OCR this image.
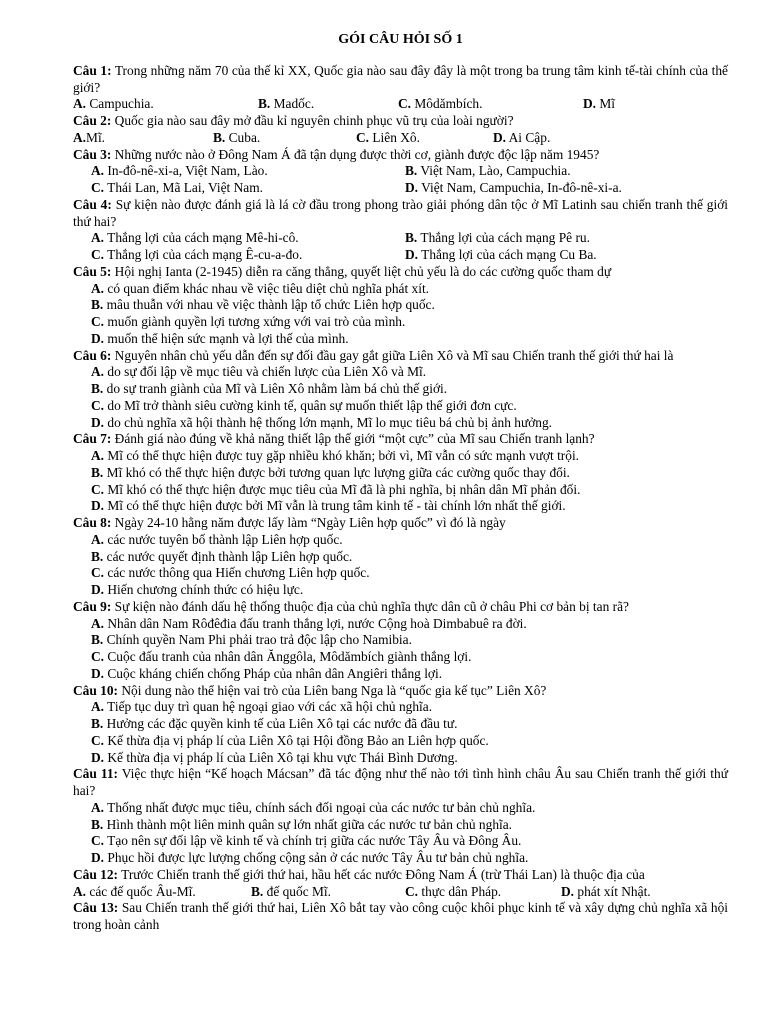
GÓI CÂU HỎI SỐ 1

Câu 1: Trong những năm 70 của thế kỉ XX, Quốc gia nào sau đây đây là một trong ba trung tâm kinh tế-tài chính của thế giới?

A. Campuchia.	B. Madốc.	C. Môdămbích.	D. Mĩ

Câu 2: Quốc gia nào sau đây mở đầu kỉ nguyên chinh phục vũ trụ của loài người?

A.Mĩ.	B. Cuba.	C. Liên Xô.	D. Ai Cập.

Câu 3: Những nước nào ở Đông Nam Á đã tận dụng được thời cơ, giành được độc lập năm 1945?

A. In-đô-nê-xi-a, Việt Nam, Lào.	B. Việt Nam, Lào, Campuchia.
C. Thái Lan, Mã Lai, Việt Nam.	D. Việt Nam, Campuchia, In-đô-nê-xi-a.

Câu 4: Sự kiện nào được đánh giá là lá cờ đầu trong phong trào giải phóng dân tộc ở Mĩ Latinh sau chiến tranh thế giới thứ hai?

A. Thắng lợi của cách mạng Mê-hi-cô.	B. Thắng lợi của cách mạng Pê ru.
C. Thắng lợi của cách mạng Ê-cu-a-đo.	D. Thắng lợi của cách mạng Cu Ba.

Câu 5: Hội nghị Ianta (2-1945) diễn ra căng thẳng, quyết liệt chủ yếu là do các cường quốc tham dự

A. có quan điểm khác nhau về việc tiêu diệt chủ nghĩa phát xít.

B. mâu thuẫn với nhau về việc thành lập tổ chức Liên hợp quốc.

C. muốn giành quyền lợi tương xứng với vai trò của mình.

D. muốn thể hiện sức mạnh và lợi thế của mình.

Câu 6: Nguyên nhân chủ yếu dẫn đến sự đối đầu gay gắt giữa Liên Xô và Mĩ sau Chiến tranh thế giới thứ hai là

A. do sự đối lập về mục tiêu và chiến lược của Liên Xô và Mĩ.

B. do sự tranh giành của Mĩ và Liên Xô nhằm làm bá chủ thế giới.

C. do Mĩ trở thành siêu cường kinh tế, quân sự muốn thiết lập thế giới đơn cực.

D. do chủ nghĩa xã hội thành hệ thống lớn mạnh, Mĩ lo mục tiêu bá chủ bị ảnh hưởng.

Câu 7: Đánh giá nào đúng về khả năng thiết lập thế giới “một cực” của Mĩ sau Chiến tranh lạnh?

A. Mĩ có thể thực hiện được tuy gặp nhiều khó khăn; bởi vì, Mĩ vẫn có sức mạnh vượt trội.

B. Mĩ khó có thể thực hiện được bởi tương quan lực lượng giữa các cường quốc thay đổi.

C. Mĩ khó có thể thực hiện được mục tiêu của Mĩ đã là phi nghĩa, bị nhân dân Mĩ phản đối.

D. Mĩ có thể thực hiện được bởi Mĩ vẫn là trung tâm kinh tế - tài chính lớn nhất thế giới.

Câu 8: Ngày 24-10 hằng năm được lấy làm “Ngày Liên hợp quốc” vì đó là ngày

A. các nước tuyên bố thành lập Liên hợp quốc.

B. các nước quyết định thành lập Liên hợp quốc.

C. các nước thông qua Hiến chương Liên hợp quốc.

D. Hiến chương chính thức có hiệu lực.

Câu 9: Sự kiện nào đánh dấu hệ thống thuộc địa của chủ nghĩa thực dân cũ ở châu Phi cơ bản bị tan rã?

A. Nhân dân Nam Rôđêđia đấu tranh thắng lợi, nước Cộng hoà Dimbabuê ra đời.

B. Chính quyền Nam Phi phải trao trả độc lập cho Namibia.

C. Cuộc đấu tranh của nhân dân Ănggôla, Môdămbích giành thắng lợi.

D. Cuộc kháng chiến chống Pháp của nhân dân Angiêri thắng lợi.

Câu 10: Nội dung nào thể hiện vai trò của Liên bang Nga là “quốc gia kế tục” Liên Xô?

A. Tiếp tục duy trì quan hệ ngoại giao với các xã hội chủ nghĩa.

B. Hưởng các đặc quyền kinh tế của Liên Xô tại các nước đã đầu tư.

C. Kế thừa địa vị pháp lí của Liên Xô tại Hội đồng Bảo an Liên hợp quốc.

D. Kế thừa địa vị pháp lí của Liên Xô tại khu vực Thái Bình Dương.

Câu 11: Việc thực hiện “Kế hoạch Mácsan” đã tác động như thế nào tới tình hình châu Âu sau Chiến tranh thế giới thứ hai?

A. Thống nhất được mục tiêu, chính sách đối ngoại của các nước tư bản chủ nghĩa.

B. Hình thành một liên minh quân sự lớn nhất giữa các nước tư bản chủ nghĩa.

C. Tạo nên sự đối lập về kinh tế và chính trị giữa các nước Tây Âu và Đông Âu.

D. Phục hồi được lực lượng chống cộng sản ở các nước Tây Âu tư bản chủ nghĩa.

Câu 12: Trước Chiến tranh thế giới thứ hai, hầu hết các nước Đông Nam Á (trừ Thái Lan) là thuộc địa của

A. các đế quốc Âu-Mĩ.	B. đế quốc Mĩ.	C. thực dân Pháp.	D. phát xít Nhật.

Câu 13: Sau Chiến tranh thế giới thứ hai, Liên Xô bắt tay vào công cuộc khôi phục kinh tế và xây dựng chủ nghĩa xã hội trong hoàn cảnh
